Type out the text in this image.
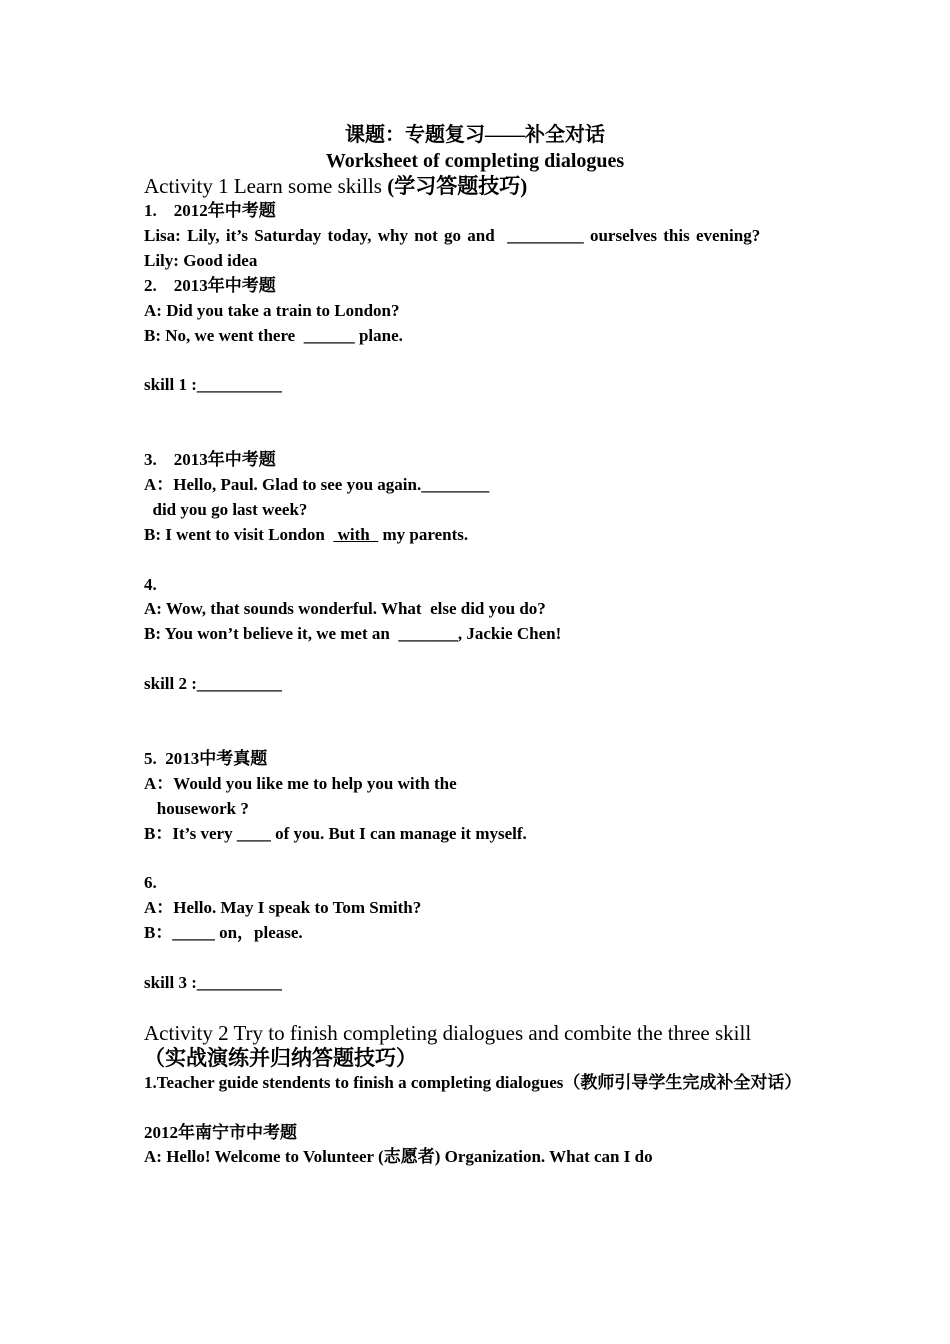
课题：专题复习——补全对话
Worksheet of completing dialogues
Activity 1 Learn some skills (学习答题技巧)
1.    2012年中考题
Lisa: Lily, it’s Saturday today, why not go and  _________ ourselves this evening?
Lily: Good idea
2.    2013年中考题
A: Did you take a train to London?
B: No, we went there  ______ plane.
skill 1 :__________
3.    2013年中考题
A：Hello, Paul. Glad to see you again.________
did you go last week?
B: I went to visit London   with   my parents.
4.
A: Wow, that sounds wonderful. What  else did you do?
B: You won’t believe it, we met an  _______, Jackie Chen!
skill 2 :__________
5.  2013中考真题
A：Would you like me to help you with the
housework ?
B：It’s very ____ of you. But I can manage it myself.
6.
A：Hello. May I speak to Tom Smith?
B：_____ on，please.
skill 3 :__________
Activity 2 Try to finish completing dialogues and combite the three skill
（实战演练并归纳答题技巧）
1.Teacher guide stendents to finish a completing dialogues（教师引导学生完成补全对话）
2012年南宁市中考题
A: Hello! Welcome to Volunteer (志愿者) Organization. What can I do
